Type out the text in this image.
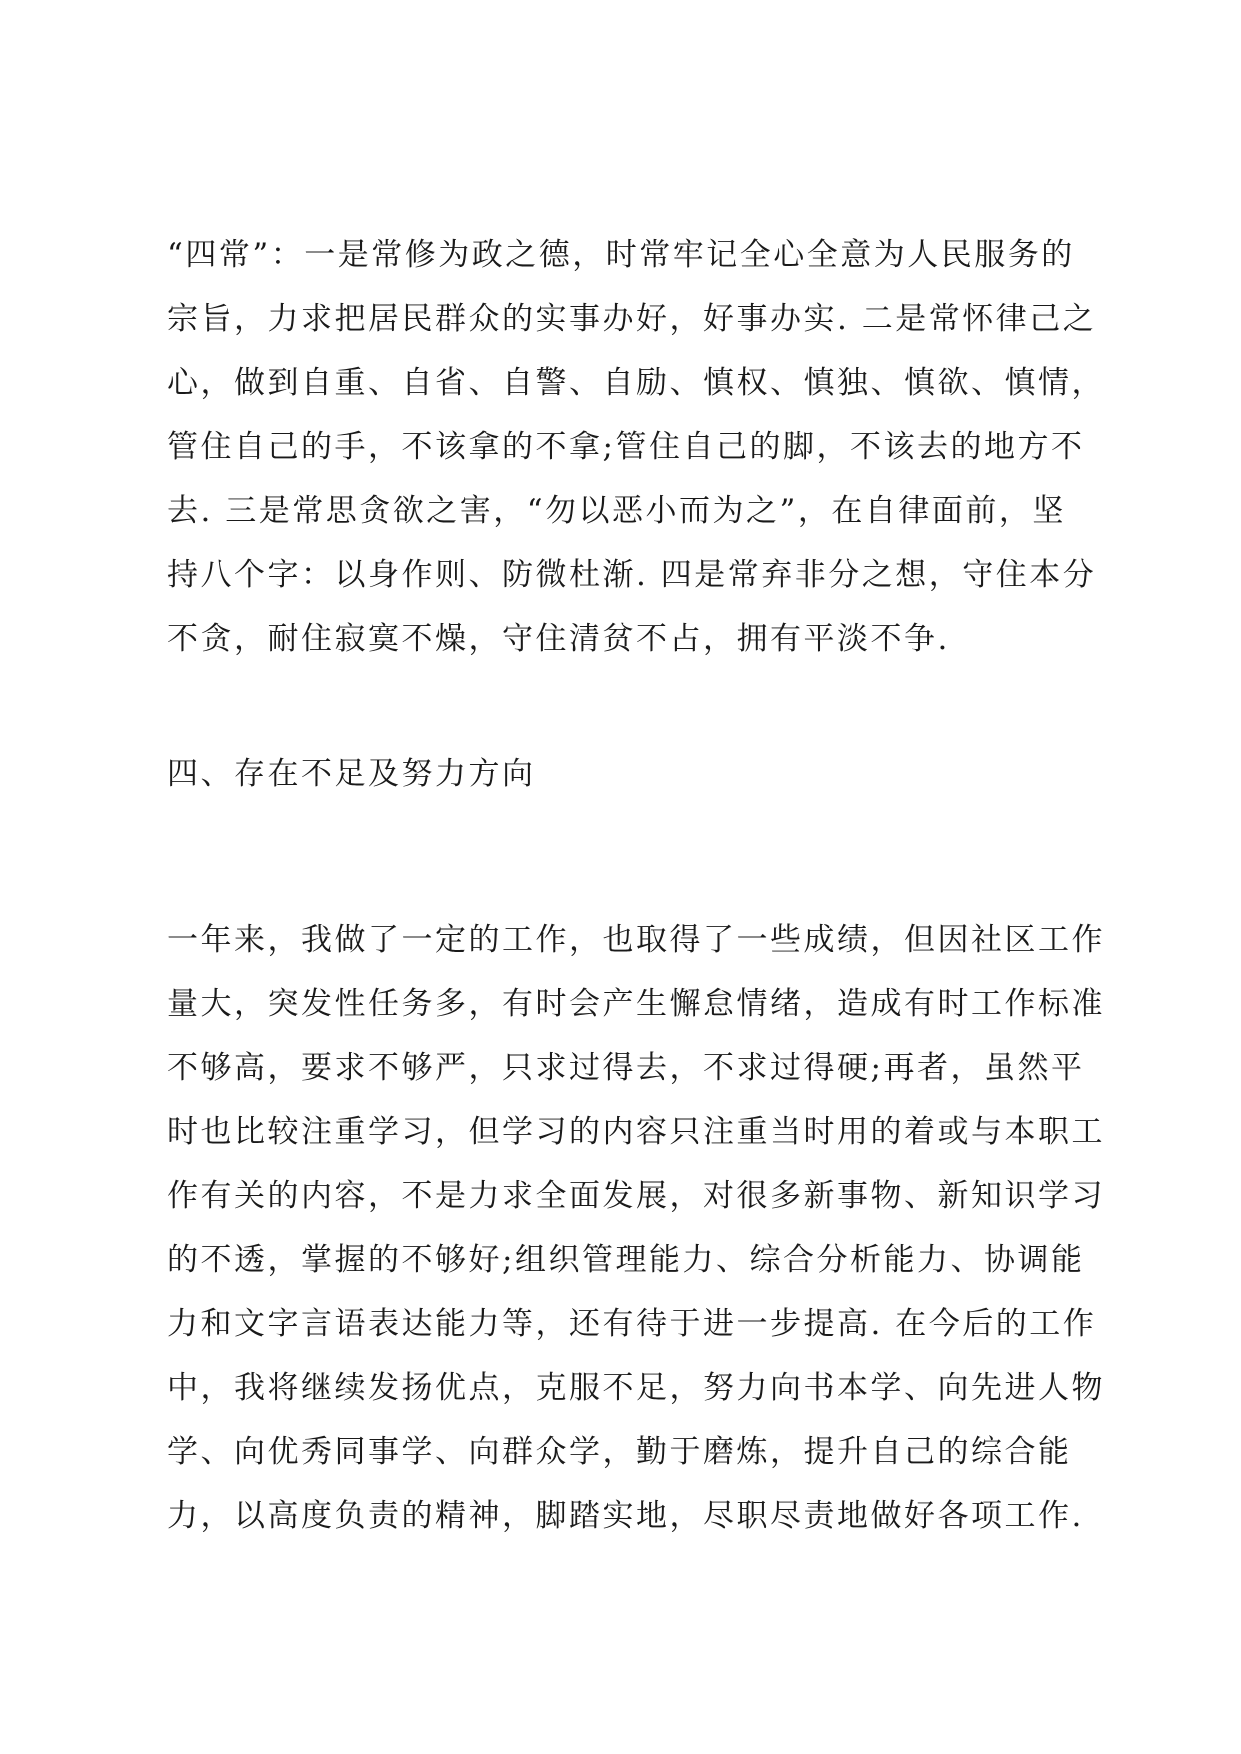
“四常”：一是常修为政之德，时常牢记全心全意为人民服务的
宗旨，力求把居民群众的实事办好，好事办实. 二是常怀律己之
心，做到自重、自省、自警、自励、慎权、慎独、慎欲、慎情，
管住自己的手，不该拿的不拿;管住自己的脚，不该去的地方不
去. 三是常思贪欲之害，“勿以恶小而为之”，在自律面前，坚
持八个字：以身作则、防微杜渐. 四是常弃非分之想，守住本分
不贪，耐住寂寞不燥，守住清贫不占，拥有平淡不争.
四、存在不足及努力方向
一年来，我做了一定的工作，也取得了一些成绩，但因社区工作
量大，突发性任务多，有时会产生懈怠情绪，造成有时工作标准
不够高，要求不够严，只求过得去，不求过得硬;再者，虽然平
时也比较注重学习，但学习的内容只注重当时用的着或与本职工
作有关的内容，不是力求全面发展，对很多新事物、新知识学习
的不透，掌握的不够好;组织管理能力、综合分析能力、协调能
力和文字言语表达能力等，还有待于进一步提高. 在今后的工作
中，我将继续发扬优点，克服不足，努力向书本学、向先进人物
学、向优秀同事学、向群众学，勤于磨炼，提升自己的综合能
力，以高度负责的精神，脚踏实地，尽职尽责地做好各项工作.
